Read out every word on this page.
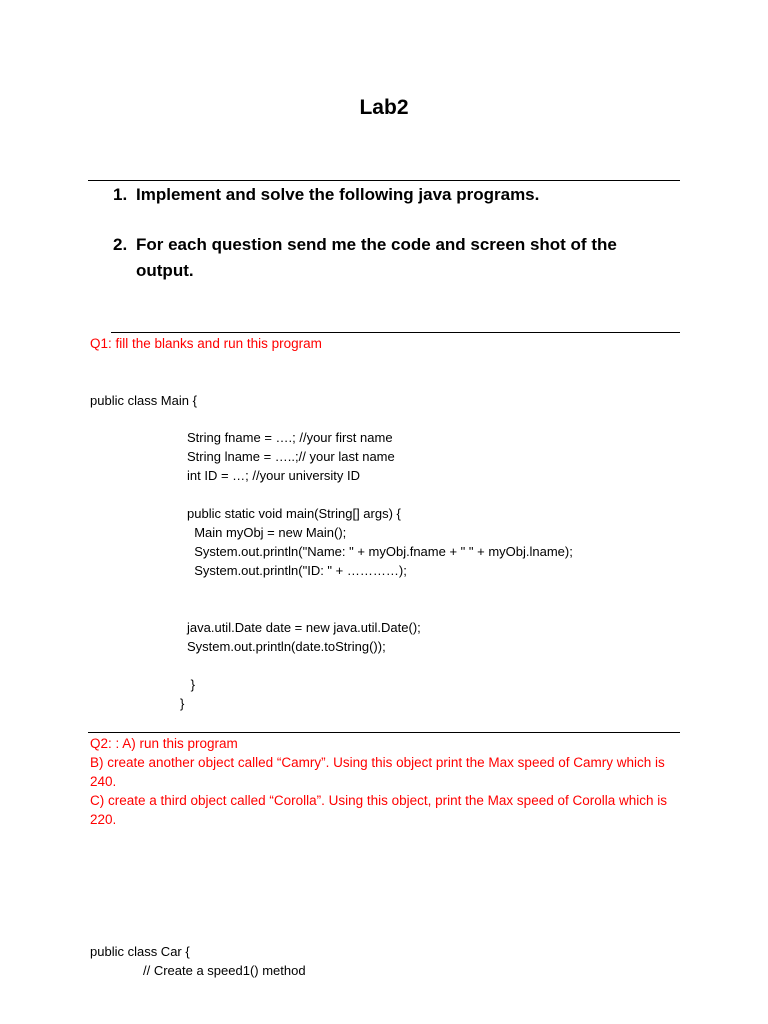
Lab2
1. Implement and solve the following java programs.
2. For each question send me the code and screen shot of the output.
Q1: fill the blanks and run this program
public class Main {
String fname = ….; //your first name
String lname = …..;// your last name
int ID = …; //your university ID

public static void main(String[] args) {
Main myObj = new Main();
System.out.println("Name: " + myObj.fname + " " + myObj.lname);
System.out.println("ID: " + …………);

java.util.Date date = new java.util.Date();
System.out.println(date.toString());

}
}
Q2: : A) run this program
B) create another object called “Camry”. Using this object print the Max speed of Camry which is 240.
C) create a third object called “Corolla”. Using this object, print the Max speed of Corolla which is 220.
public class Car {
// Create a speed1() method
